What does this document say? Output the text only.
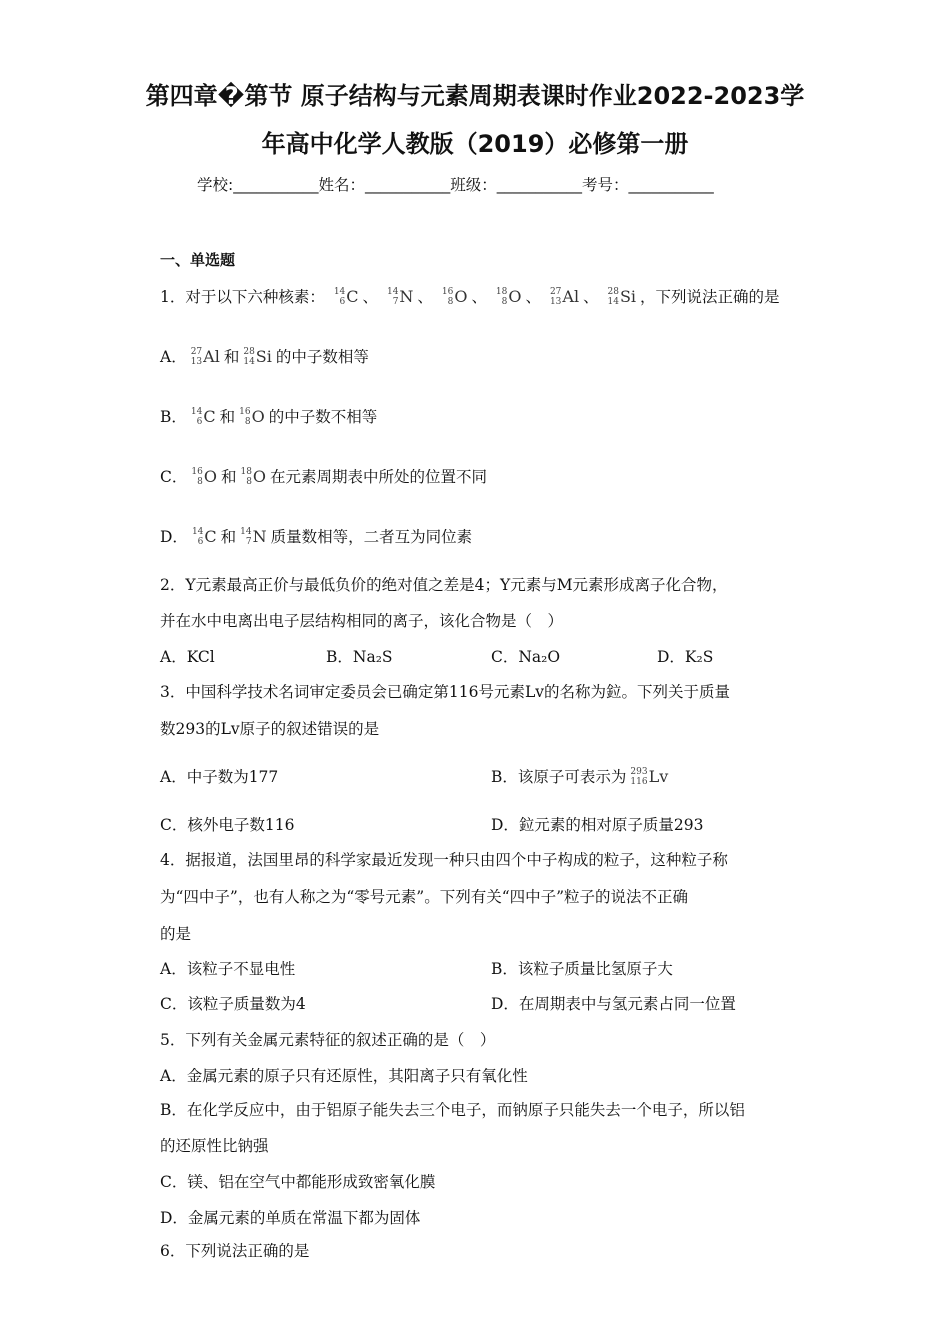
第四章�第节 原子结构与元素周期表课时作业2022-2023学
年高中化学人教版（2019）必修第一册
学校:___________姓名：___________班级：___________考号：___________
一、单选题
1．对于以下六种核素： 14
6 C 、 14
7 N 、 16
8 O 、 18
8 O 、 27
13 Al 、 28
14 Si ，下列说法正确的是
A． 27
13 Al 和 28
14 Si 的中子数相等
B． 14
6 C 和 16
8 O 的中子数不相等
C． 16
8 O 和 18
8 O 在元素周期表中所处的位置不同
D． 14
6 C 和 14
7 N 质量数相等，二者互为同位素
2．Y元素最高正价与最低负价的绝对值之差是4；Y元素与M元素形成离子化合物，
并在水中电离出电子层结构相同的离子，该化合物是（　）
A．KCl	B．Na₂S	C．Na₂O	D．K₂S
3．中国科学技术名词审定委员会已确定第116号元素Lv的名称为鉝。下列关于质量
数293的Lv原子的叙述错误的是
A．中子数为177	B．该原子可表示为 293
116 Lv
C．核外电子数116	D．鉝元素的相对原子质量293
4．据报道，法国里昂的科学家最近发现一种只由四个中子构成的粒子，这种粒子称
为“四中子”，也有人称之为“零号元素”。下列有关“四中子”粒子的说法不正确
的是
A．该粒子不显电性	B．该粒子质量比氢原子大
C．该粒子质量数为4	D．在周期表中与氢元素占同一位置
5．下列有关金属元素特征的叙述正确的是（　）
A．金属元素的原子只有还原性，其阳离子只有氧化性
B．在化学反应中，由于铝原子能失去三个电子，而钠原子只能失去一个电子，所以铝
的还原性比钠强
C．镁、铝在空气中都能形成致密氧化膜
D．金属元素的单质在常温下都为固体
6．下列说法正确的是
